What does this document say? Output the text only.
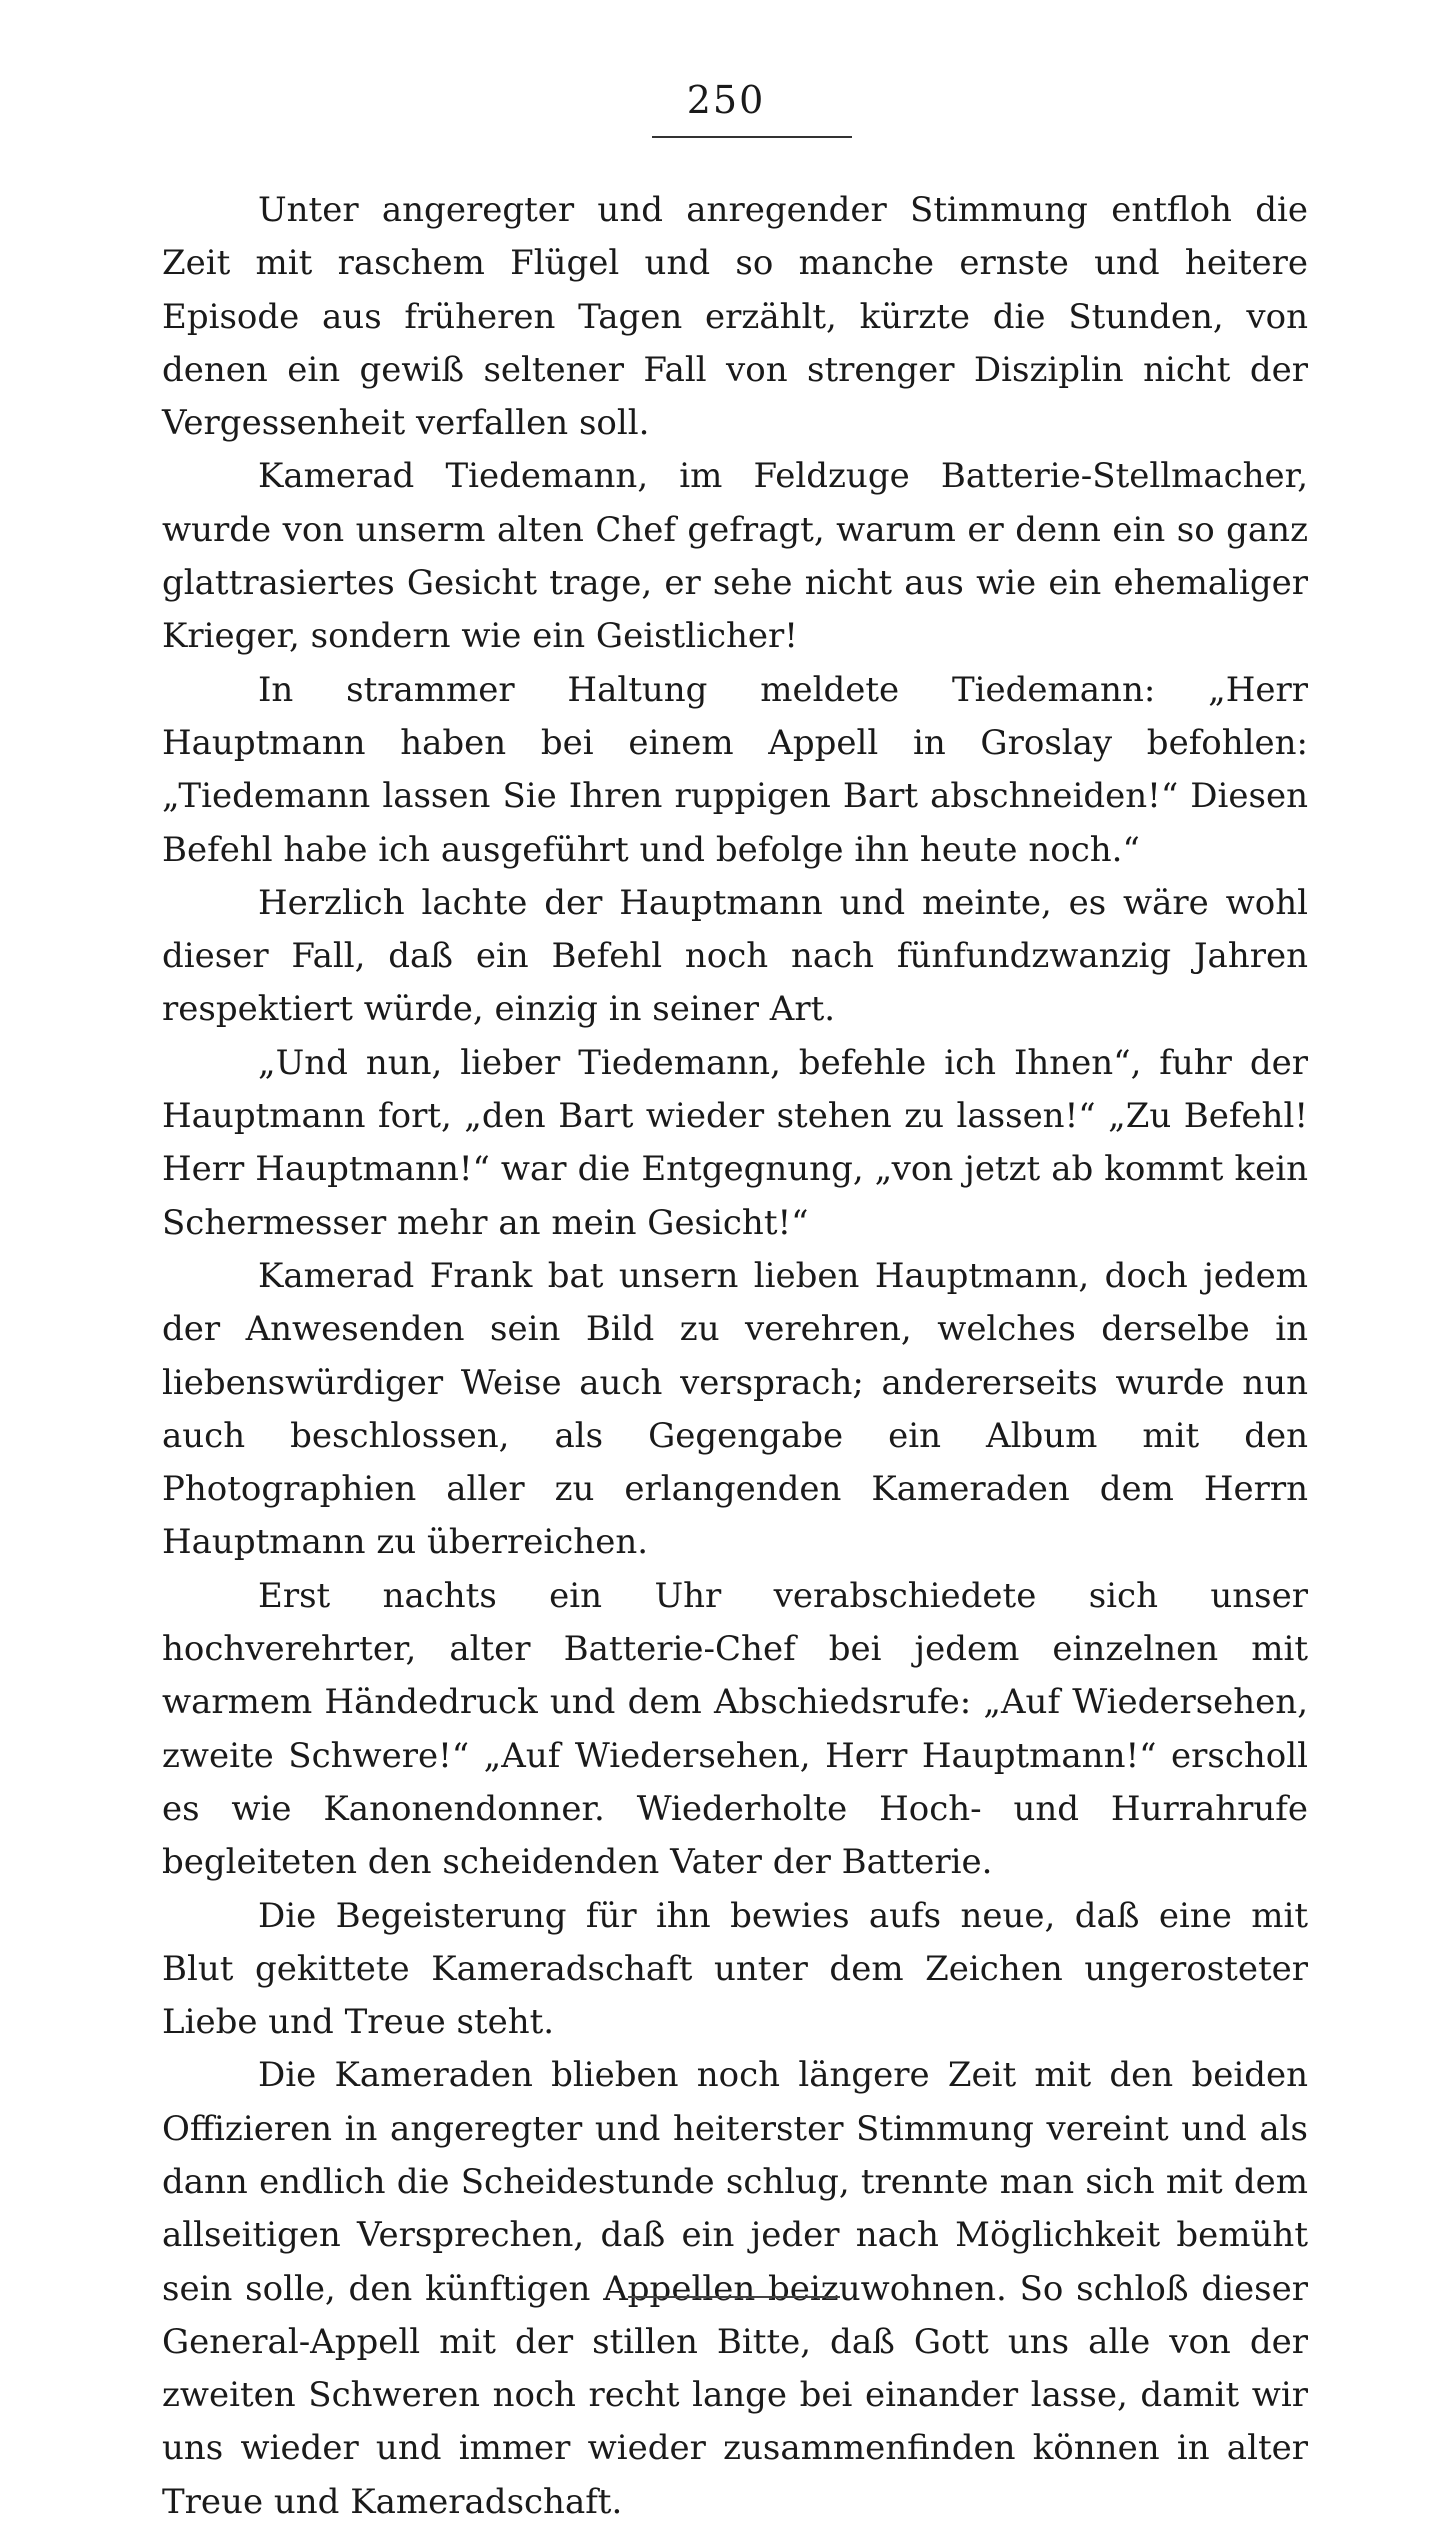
250

Unter angeregter und anregender Stimmung entfloh die Zeit mit raschem Flügel und so manche ernste und heitere Episode aus früheren Tagen erzählt, kürzte die Stunden, von denen ein gewiß seltener Fall von strenger Disziplin nicht der Vergessenheit verfallen soll.

Kamerad Tiedemann, im Feldzuge Batterie-Stellmacher, wurde von unserm alten Chef gefragt, warum er denn ein so ganz glattrasiertes Gesicht trage, er sehe nicht aus wie ein ehemaliger Krieger, sondern wie ein Geistlicher!

In strammer Haltung meldete Tiedemann: „Herr Hauptmann haben bei einem Appell in Groslay befohlen: „Tiedemann lassen Sie Ihren ruppigen Bart abschneiden!“ Diesen Befehl habe ich ausgeführt und befolge ihn heute noch.“

Herzlich lachte der Hauptmann und meinte, es wäre wohl dieser Fall, daß ein Befehl noch nach fünfundzwanzig Jahren respektiert würde, einzig in seiner Art.

„Und nun, lieber Tiedemann, befehle ich Ihnen“, fuhr der Hauptmann fort, „den Bart wieder stehen zu lassen!“ „Zu Befehl! Herr Hauptmann!“ war die Entgegnung, „von jetzt ab kommt kein Schermesser mehr an mein Gesicht!“

Kamerad Frank bat unsern lieben Hauptmann, doch jedem der Anwesenden sein Bild zu verehren, welches derselbe in liebenswürdiger Weise auch versprach; andererseits wurde nun auch beschlossen, als Gegengabe ein Album mit den Photographien aller zu erlangenden Kameraden dem Herrn Hauptmann zu überreichen.

Erst nachts ein Uhr verabschiedete sich unser hochverehrter, alter Batterie-Chef bei jedem einzelnen mit warmem Händedruck und dem Abschiedsrufe: „Auf Wiedersehen, zweite Schwere!“ „Auf Wiedersehen, Herr Hauptmann!“ erscholl es wie Kanonendonner. Wiederholte Hoch- und Hurrahrufe begleiteten den scheidenden Vater der Batterie.

Die Begeisterung für ihn bewies aufs neue, daß eine mit Blut gekittete Kameradschaft unter dem Zeichen ungerosteter Liebe und Treue steht.

Die Kameraden blieben noch längere Zeit mit den beiden Offizieren in angeregter und heiterster Stimmung vereint und als dann endlich die Scheidestunde schlug, trennte man sich mit dem allseitigen Versprechen, daß ein jeder nach Möglichkeit bemüht sein solle, den künftigen Appellen beizuwohnen. So schloß dieser General-Appell mit der stillen Bitte, daß Gott uns alle von der zweiten Schweren noch recht lange bei einander lasse, damit wir uns wieder und immer wieder zusammenfinden können in alter Treue und Kameradschaft.
